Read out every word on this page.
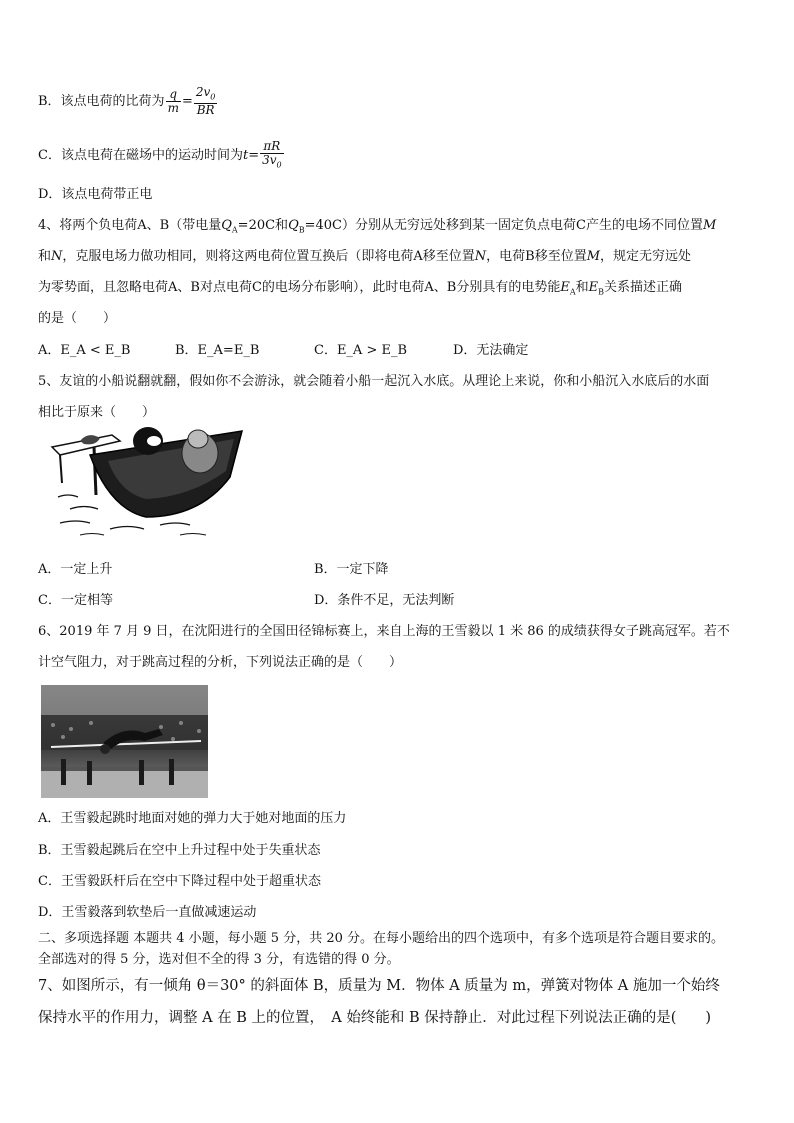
B．该点电荷的比荷为 $\frac{q}{m} = \frac{2v_0}{BR}$
C．该点电荷在磁场中的运动时间为$t= \frac{\pi R}{3v_0}$
D．该点电荷带正电
4、将两个负电荷A、B（带电量$Q_A=20C$和$Q_B=40C$）分别从无穷远处移到某一固定负点电荷C产生的电场不同位置M
和N，克服电场力做功相同，则将这两电荷位置互换后（即将电荷A移至位置N，电荷B移至位置M，规定无穷远处
为零势面，且忽略电荷A、B对点电荷C的电场分布影响），此时电荷A、B分别具有的电势能$E_A$和$E_B$关系描述正确
的是（　　）
A．E_A < E_B	B．E_A=E_B	C．E_A > E_B	D．无法确定
5、友谊的小船说翻就翻，假如你不会游泳，就会随着小船一起沉入水底。从理论上来说，你和小船沉入水底后的水面
相比于原来（　　）
A．一定上升	B．一定下降
C．一定相等	D．条件不足，无法判断
6、2019 年 7 月 9 日，在沈阳进行的全国田径锦标赛上，来自上海的王雪毅以 1 米 86 的成绩获得女子跳高冠军。若不
计空气阻力，对于跳高过程的分析，下列说法正确的是（　　）
A．王雪毅起跳时地面对她的弹力大于她对地面的压力
B．王雪毅起跳后在空中上升过程中处于失重状态
C．王雪毅跃杆后在空中下降过程中处于超重状态
D．王雪毅落到软垫后一直做减速运动
二、多项选择题 本题共 4 小题，每小题 5 分，共 20 分。在每小题给出的四个选项中，有多个选项是符合题目要求的。
全部选对的得 5 分，选对但不全的得 3 分，有选错的得 0 分。
7、如图所示，有一倾角 θ＝30° 的斜面体 B，质量为 M．物体 A 质量为 m，弹簧对物体 A 施加一个始终
保持水平的作用力，调整 A 在 B 上的位置，　A 始终能和 B 保持静止．对此过程下列说法正确的是(　　)
